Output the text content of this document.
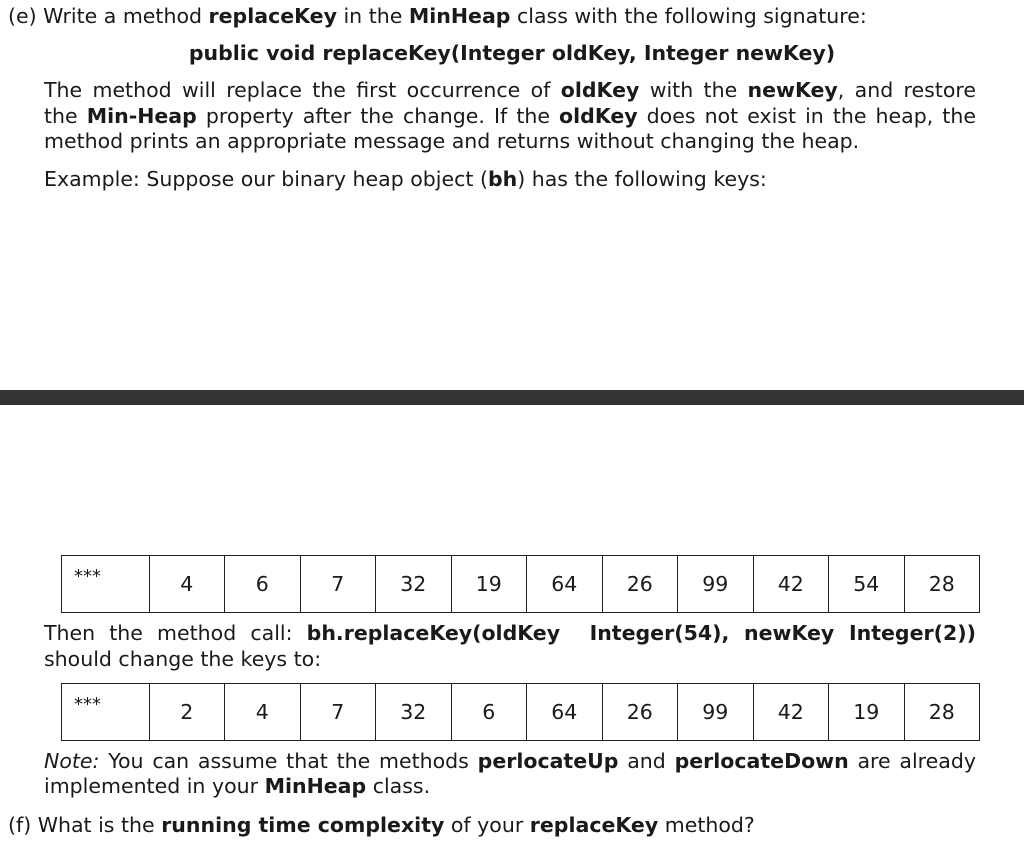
(e) Write a method replaceKey in the MinHeap class with the following signature:
public void replaceKey(Integer oldKey, Integer newKey)
The method will replace the first occurrence of oldKey with the newKey, and restore
the Min-Heap property after the change. If the oldKey does not exist in the heap, the
method prints an appropriate message and returns without changing the heap.
Example: Suppose our binary heap object (bh) has the following keys:
***	4	6	7	32	19	64	26	99	42	54	28
Then the method call: bh.replaceKey(oldKey  Integer(54), newKey Integer(2))
should change the keys to:
***	2	4	7	32	6	64	26	99	42	19	28
Note: You can assume that the methods perlocateUp and perlocateDown are already
implemented in your MinHeap class.
(f) What is the running time complexity of your replaceKey method?
